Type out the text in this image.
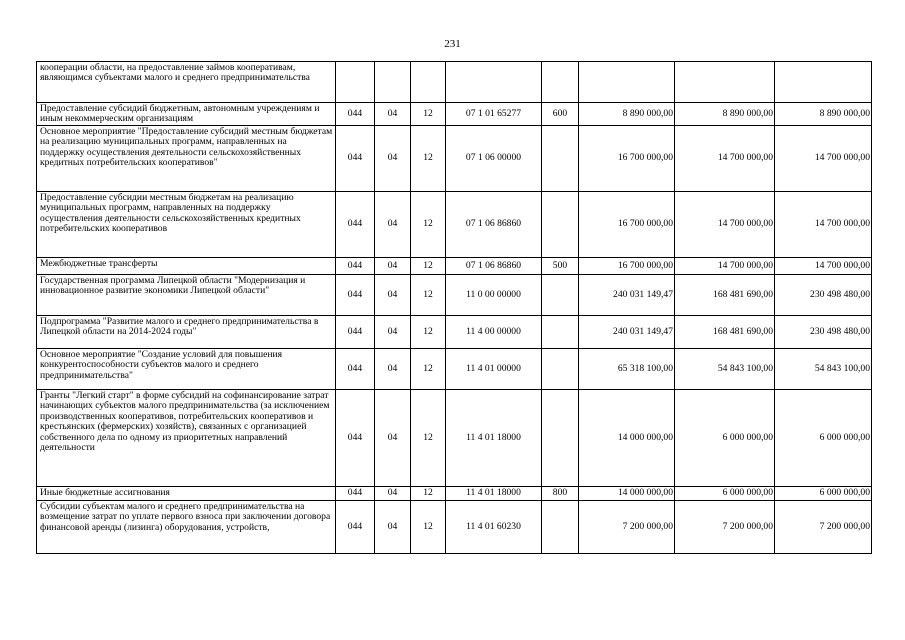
231
кооперации области, на предоставление займов кооперативам, являющимся субъектами малого и среднего предпринимательства								
Предоставление субсидий бюджетным, автономным учреждениям и иным некоммерческим организациям	044	04	12	07 1 01 65277	600	8 890 000,00	8 890 000,00	8 890 000,00
Основное мероприятие "Предоставление субсидий местным бюджетам на реализацию муниципальных программ, направленных на поддержку осуществления деятельности сельскохозяйственных кредитных потребительских кооперативов"	044	04	12	07 1 06 00000		16 700 000,00	14 700 000,00	14 700 000,00
Предоставление субсидии местным бюджетам на реализацию муниципальных программ, направленных на поддержку осуществления деятельности сельскохозяйственных кредитных потребительских кооперативов	044	04	12	07 1 06 86860		16 700 000,00	14 700 000,00	14 700 000,00
Межбюджетные трансферты	044	04	12	07 1 06 86860	500	16 700 000,00	14 700 000,00	14 700 000,00
Государственная программа Липецкой области "Модернизация и инновационное развитие экономики Липецкой области"	044	04	12	11 0 00 00000		240 031 149,47	168 481 690,00	230 498 480,00
Подпрограмма "Развитие малого и среднего предпринимательства в Липецкой области на 2014-2024 годы"	044	04	12	11 4 00 00000		240 031 149,47	168 481 690,00	230 498 480,00
Основное мероприятие "Создание условий для повышения конкурентоспособности субъектов малого и среднего предпринимательства"	044	04	12	11 4 01 00000		65 318 100,00	54 843 100,00	54 843 100,00
Гранты "Легкий старт" в форме субсидий на софинансирование затрат начинающих субъектов малого предпринимательства (за исключением производственных кооперативов, потребительских кооперативов и крестьянских (фермерских) хозяйств), связанных с организацией собственного дела по одному из приоритетных направлений деятельности	044	04	12	11 4 01 18000		14 000 000,00	6 000 000,00	6 000 000,00
Иные бюджетные ассигнования	044	04	12	11 4 01 18000	800	14 000 000,00	6 000 000,00	6 000 000,00
Субсидии субъектам малого и среднего предпринимательства на возмещение затрат по уплате первого взноса при заключении договора финансовой аренды (лизинга) оборудования, устройств,	044	04	12	11 4 01 60230		7 200 000,00	7 200 000,00	7 200 000,00
